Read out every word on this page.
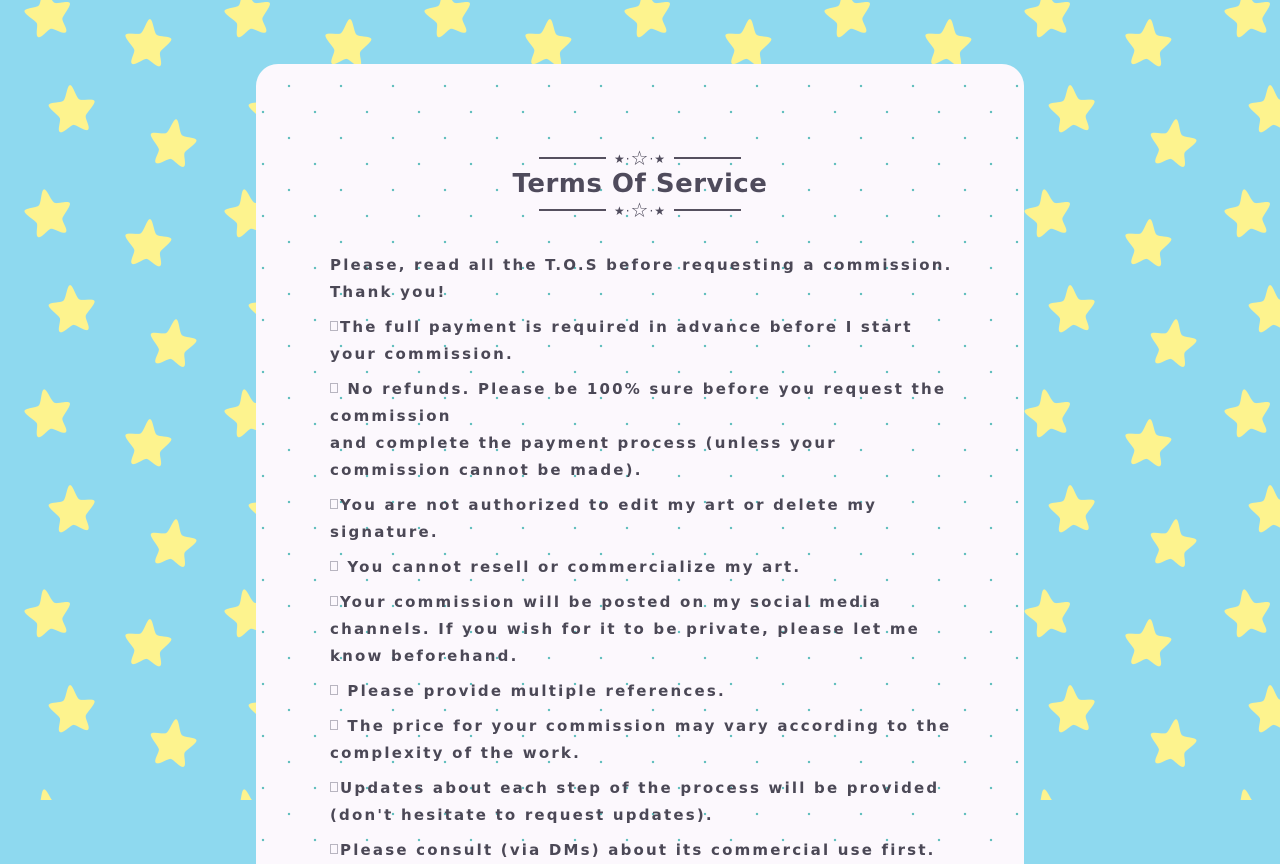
★·☆·★
Terms Of Service
★·☆·★

Please, read all the T.O.S before requesting a commission. Thank you!

The full payment is required in advance before I start your commission.

No refunds. Please be 100% sure before you request the commission

and complete the payment process (unless your commission cannot be made).

You are not authorized to edit my art or delete my signature.

You cannot resell or commercialize my art.

Your commission will be posted on my social media channels. If you wish for it to be private, please let me know beforehand.

Please provide multiple references.

The price for your commission may vary according to the complexity of the work.

Updates about each step of the process will be provided (don't hesitate to request updates).

Please consult (via DMs) about its commercial use first.
